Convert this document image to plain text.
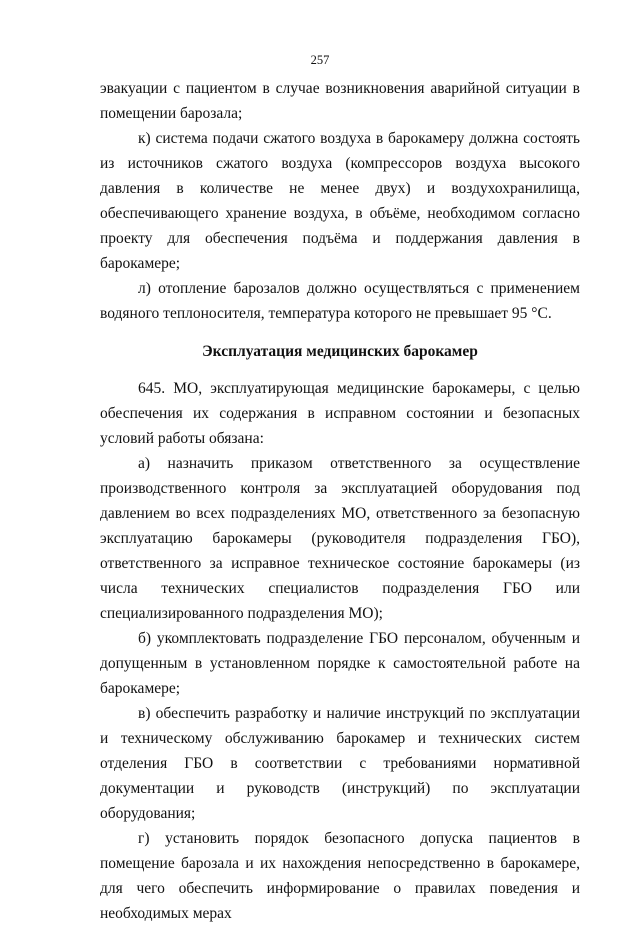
257

эвакуации с пациентом в случае возникновения аварийной ситуации в помещении барозала;

к) система подачи сжатого воздуха в барокамеру должна состоять из источников сжатого воздуха (компрессоров воздуха высокого давления в количестве не менее двух) и воздухохранилища, обеспечивающего хранение воздуха, в объёме, необходимом согласно проекту для обеспечения подъёма и поддержания давления в барокамере;

л) отопление барозалов должно осуществляться с применением водяного теплоносителя, температура которого не превышает 95 °С.

Эксплуатация медицинских барокамер

645. МО, эксплуатирующая медицинские барокамеры, с целью обеспечения их содержания в исправном состоянии и безопасных условий работы обязана:

а) назначить приказом ответственного за осуществление производственного контроля за эксплуатацией оборудования под давлением во всех подразделениях МО, ответственного за безопасную эксплуатацию барокамеры (руководителя подразделения ГБО), ответственного за исправное техническое состояние барокамеры (из числа технических специалистов подразделения ГБО или специализированного подразделения МО);

б) укомплектовать подразделение ГБО персоналом, обученным и допущенным в установленном порядке к самостоятельной работе на барокамере;

в) обеспечить разработку и наличие инструкций по эксплуатации и техническому обслуживанию барокамер и технических систем отделения ГБО в соответствии с требованиями нормативной документации и руководств (инструкций) по эксплуатации оборудования;

г) установить порядок безопасного допуска пациентов в помещение барозала и их нахождения непосредственно в барокамере, для чего обеспечить информирование о правилах поведения и необходимых мерах
